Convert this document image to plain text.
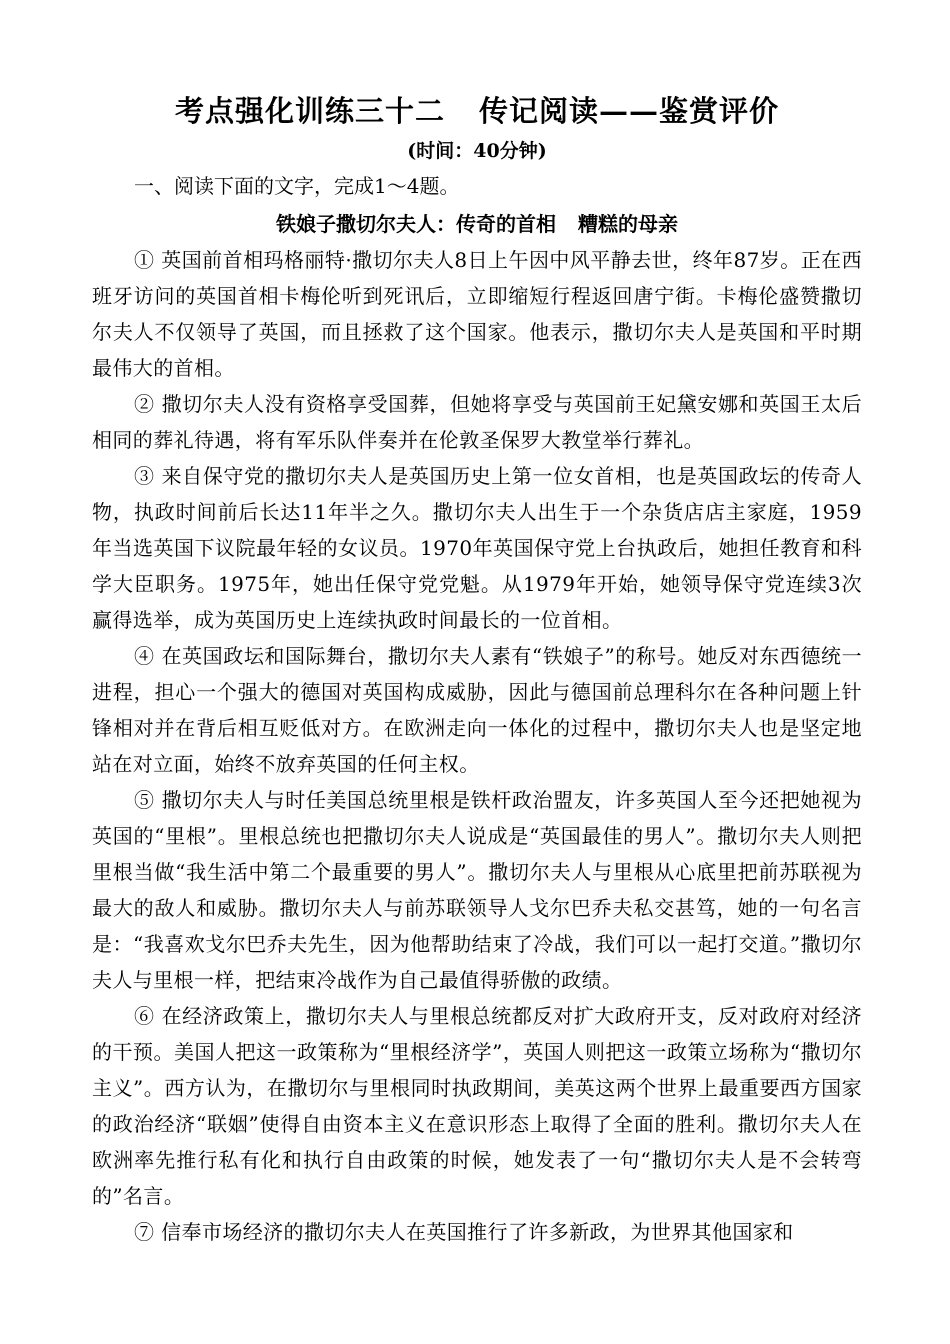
考点强化训练三十二 传记阅读——鉴赏评价

(时间：40分钟)

一、阅读下面的文字，完成1～4题。

铁娘子撒切尔夫人：传奇的首相 糟糕的母亲

① 英国前首相玛格丽特·撒切尔夫人8日上午因中风平静去世，终年87岁。正在西班牙访问的英国首相卡梅伦听到死讯后，立即缩短行程返回唐宁街。卡梅伦盛赞撒切尔夫人不仅领导了英国，而且拯救了这个国家。他表示，撒切尔夫人是英国和平时期最伟大的首相。

② 撒切尔夫人没有资格享受国葬，但她将享受与英国前王妃黛安娜和英国王太后相同的葬礼待遇，将有军乐队伴奏并在伦敦圣保罗大教堂举行葬礼。

③ 来自保守党的撒切尔夫人是英国历史上第一位女首相，也是英国政坛的传奇人物，执政时间前后长达11年半之久。撒切尔夫人出生于一个杂货店店主家庭，1959年当选英国下议院最年轻的女议员。1970年英国保守党上台执政后，她担任教育和科学大臣职务。1975年，她出任保守党党魁。从1979年开始，她领导保守党连续3次赢得选举，成为英国历史上连续执政时间最长的一位首相。

④ 在英国政坛和国际舞台，撒切尔夫人素有“铁娘子”的称号。她反对东西德统一进程，担心一个强大的德国对英国构成威胁，因此与德国前总理科尔在各种问题上针锋相对并在背后相互贬低对方。在欧洲走向一体化的过程中，撒切尔夫人也是坚定地站在对立面，始终不放弃英国的任何主权。

⑤ 撒切尔夫人与时任美国总统里根是铁杆政治盟友，许多英国人至今还把她视为英国的“里根”。里根总统也把撒切尔夫人说成是“英国最佳的男人”。撒切尔夫人则把里根当做“我生活中第二个最重要的男人”。撒切尔夫人与里根从心底里把前苏联视为最大的敌人和威胁。撒切尔夫人与前苏联领导人戈尔巴乔夫私交甚笃，她的一句名言是：“我喜欢戈尔巴乔夫先生，因为他帮助结束了冷战，我们可以一起打交道。”撒切尔夫人与里根一样，把结束冷战作为自己最值得骄傲的政绩。

⑥ 在经济政策上，撒切尔夫人与里根总统都反对扩大政府开支，反对政府对经济的干预。美国人把这一政策称为“里根经济学”，英国人则把这一政策立场称为“撒切尔主义”。西方认为，在撒切尔与里根同时执政期间，美英这两个世界上最重要西方国家的政治经济“联姻”使得自由资本主义在意识形态上取得了全面的胜利。撒切尔夫人在欧洲率先推行私有化和执行自由政策的时候，她发表了一句“撒切尔夫人是不会转弯的”名言。

⑦ 信奉市场经济的撒切尔夫人在英国推行了许多新政，为世界其他国家和
